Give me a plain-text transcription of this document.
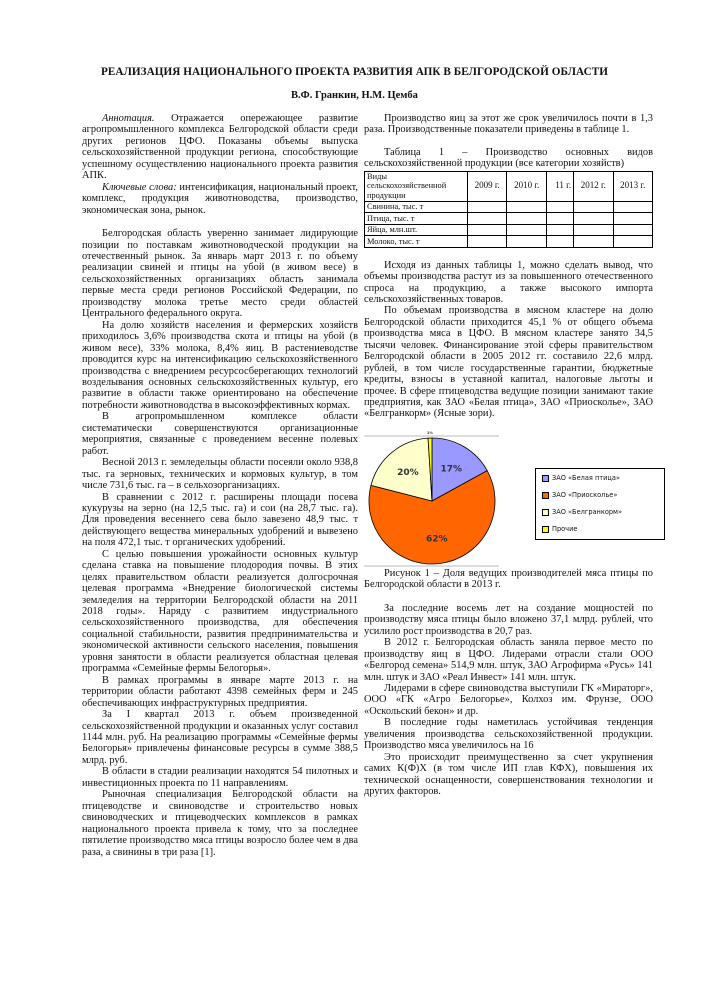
РЕАЛИЗАЦИЯ НАЦИОНАЛЬНОГО ПРОЕКТА РАЗВИТИЯ АПК В БЕЛГОРОДСКОЙ ОБЛАСТИ
В.Ф. Гранкин, Н.М. Цемба

Аннотация. Отражается опережающее развитие агропромышленного комплекса Белгородской области среди других регионов ЦФО. Показаны объемы выпуска сельскохозяйственной продукции региона, способствующие успешному осуществлению национального проекта развития АПК.

Ключевые слова: интенсификация, национальный проект, комплекс, продукция животноводства, производство, экономическая зона, рынок.

Белгородская область уверенно занимает лидирующие позиции по поставкам животноводческой продукции на отечественный рынок. За январь март 2013 г. по объему реализации свиней и птицы на убой (в живом весе) в сельскохозяйственных организациях область занимала первые места среди регионов Российской Федерации, по производству молока третье место среди областей Центрального федерального округа.

На долю хозяйств населения и фермерских хозяйств приходилось 3,6% производства скота и птицы на убой (в живом весе), 33% молока, 8,4% яиц. В растениеводстве проводится курс на интенсификацию сельскохозяйственного производства с внедрением ресурсосберегающих технологий возделывания основных сельскохозяйственных культур, его развитие в области также ориентировано на обеспечение потребности животноводства в высокоэффективных кормах.

В агропромышленном комплексе области систематически совершенствуются организационные мероприятия, связанные с проведением весенне полевых работ.

Весной 2013 г. земледельцы области посеяли около 938,8 тыс. га зерновых, технических и кормовых культур, в том числе 731,6 тыс. га – в сельхозорганизациях.

В сравнении с 2012 г. расширены площади посева кукурузы на зерно (на 12,5 тыс. га) и сои (на 28,7 тыс. га). Для проведения весеннего сева было завезено 48,9 тыс. т действующего вещества минеральных удобрений и вывезено на поля 472,1 тыс. т органических удобрений.

С целью повышения урожайности основных культур сделана ставка на повышение плодородия почвы. В этих целях правительством области реализуется долгосрочная целевая программа «Внедрение биологической системы земледелия на территории Белгородской области на 2011 2018 годы». Наряду с развитием индустриального сельскохозяйственного производства, для обеспечения социальной стабильности, развития предпринимательства и экономической активности сельского населения, повышения уровня занятости в области реализуется областная целевая программа «Семейные фермы Белогорья».

В рамках программы в январе марте 2013 г. на территории области работают 4398 семейных ферм и 245 обеспечивающих инфраструктурных предприятия.

За I квартал 2013 г. объем произведенной сельскохозяйственной продукции и оказанных услуг составил 1144 млн. руб. На реализацию программы «Семейные фермы Белогорья» привлечены финансовые ресурсы в сумме 388,5 млрд. руб.

В области в стадии реализации находятся 54 пилотных и инвестиционных проекта по 11 направлениям.

Рыночная специализация Белгородской области на птицеводстве и свиноводстве и строительство новых свиноводческих и птицеводческих комплексов в рамках национального проекта привела к тому, что за последнее пятилетие производство мяса птицы возросло более чем в два раза, а свинины в три раза [1].

Производство яиц за этот же срок увеличилось почти в 1,3 раза. Производственные показатели приведены в таблице 1.

Таблица 1 – Производство основных видов сельскохозяйственной продукции (все категории хозяйств)

Виды сельскохозяйственной продукции	2009 г.	2010 г.	11 г.	2012 г.	2013 г.
Свинина, тыс. т					
Птица, тыс. т					
Яйца, млн.шт.					
Молоко, тыс. т					

Исходя из данных таблицы 1, можно сделать вывод, что объемы производства растут из за повышенного отечественного спроса на продукцию, а также высокого импорта сельскохозяйственных товаров.

По объемам производства в мясном кластере на долю Белгородской области приходится 45,1 % от общего объема производства мяса в ЦФО. В мясном кластере занято 34,5 тысячи человек. Финансирование этой сферы правительством Белгородской области в 2005 2012 гг. составило 22,6 млрд. рублей, в том числе государственные гарантии, бюджетные кредиты, взносы в уставной капитал, налоговые льготы и прочее. В сфере птицеводства ведущие позиции занимают такие предприятия, как ЗАО «Белая птица», ЗАО «Приосколье», ЗАО «Белгранкорм» (Ясные зори).

17%
62%
20%
1%
ЗАО «Белая птица»
ЗАО «Приосколье»
ЗАО «Белгранкорм»
Прочие

Рисунок 1 – Доля ведущих производителей мяса птицы по Белгородской области в 2013 г.

За последние восемь лет на создание мощностей по производству мяса птицы было вложено 37,1 млрд. рублей, что усилило рост производства в 20,7 раз.

В 2012 г. Белгородская область заняла первое место по производству яиц в ЦФО. Лидерами отрасли стали ООО «Белгород семена» 514,9 млн. штук, ЗАО Агрофирма «Русь» 141 млн. штук и ЗАО «Реал Инвест» 141 млн. штук.

Лидерами в сфере свиноводства выступили ГК «Мираторг», ООО «ГК «Агро Белогорье», Колхоз им. Фрунзе, ООО «Оскольский бекон» и др.

В последние годы наметилась устойчивая тенденция увеличения производства сельскохозяйственной продукции. Производство мяса увеличилось на 16

Это происходит преимущественно за счет укрупнения самих К(Ф)Х (в том числе ИП глав КФХ), повышения их технической оснащенности, совершенствования технологии и других факторов.
